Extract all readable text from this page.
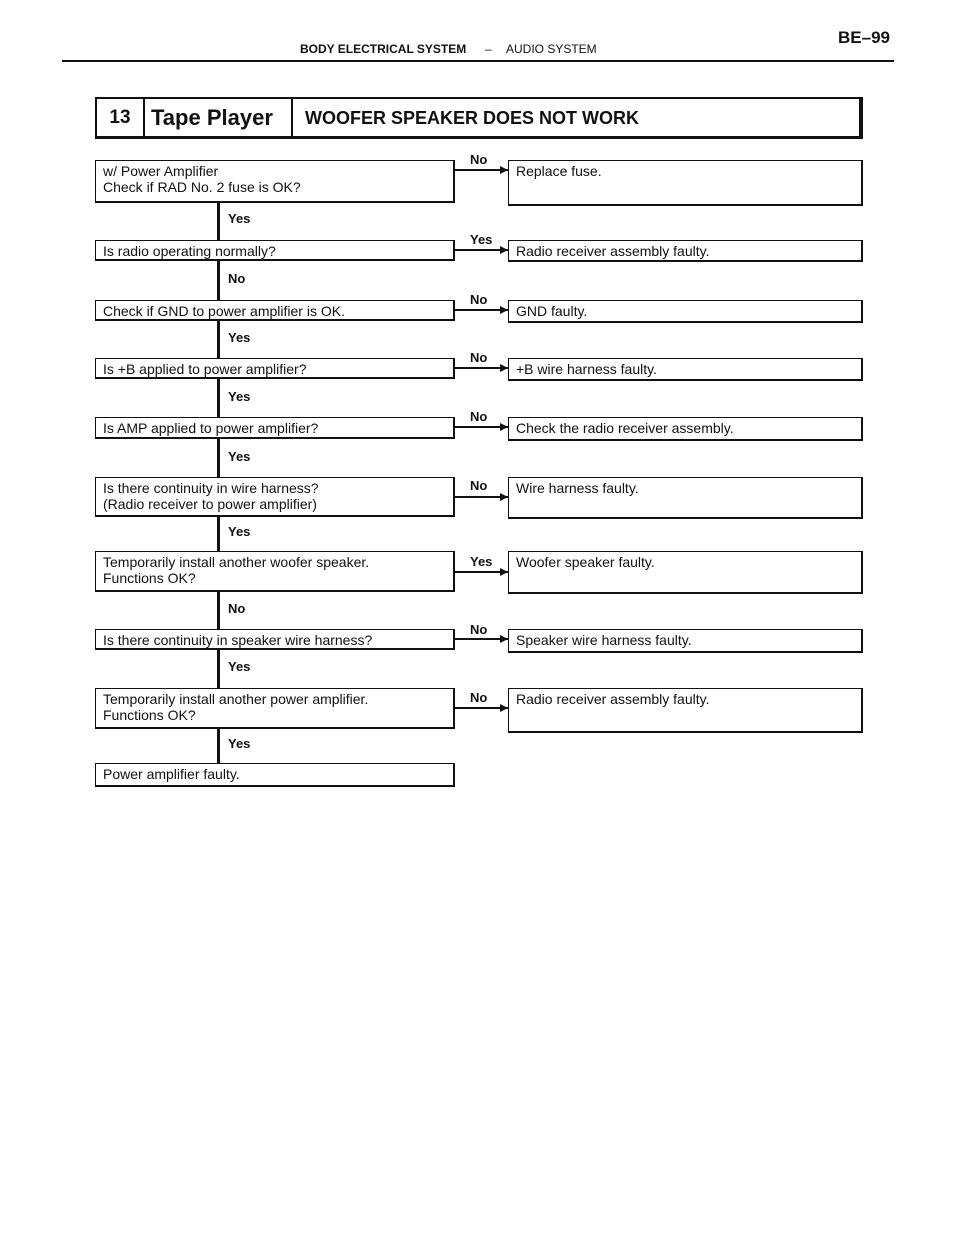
BODY ELECTRICAL SYSTEM – AUDIO SYSTEM
BE–99
13 Tape Player	WOOFER SPEAKER DOES NOT WORK
w/ Power Amplifier
Check if RAD No. 2 fuse is OK?
No
Replace fuse.
Yes
Is radio operating normally?
Yes
Radio receiver assembly faulty.
No
Check if GND to power amplifier is OK.
No
GND faulty.
Yes
Is +B applied to power amplifier?
No
+B wire harness faulty.
Yes
Is AMP applied to power amplifier?
No
Check the radio receiver assembly.
Yes
Is there continuity in wire harness?
(Radio receiver to power amplifier)
No	Wire harness faulty.
Yes
Temporarily install another woofer speaker.
Functions OK?
Yes	Woofer speaker faulty.
No
Is there continuity in speaker wire harness?
No
Speaker wire harness faulty.
Yes
Temporarily install another power amplifier.
Functions OK?
No	Radio receiver assembly faulty.
Yes
Power amplifier faulty.
